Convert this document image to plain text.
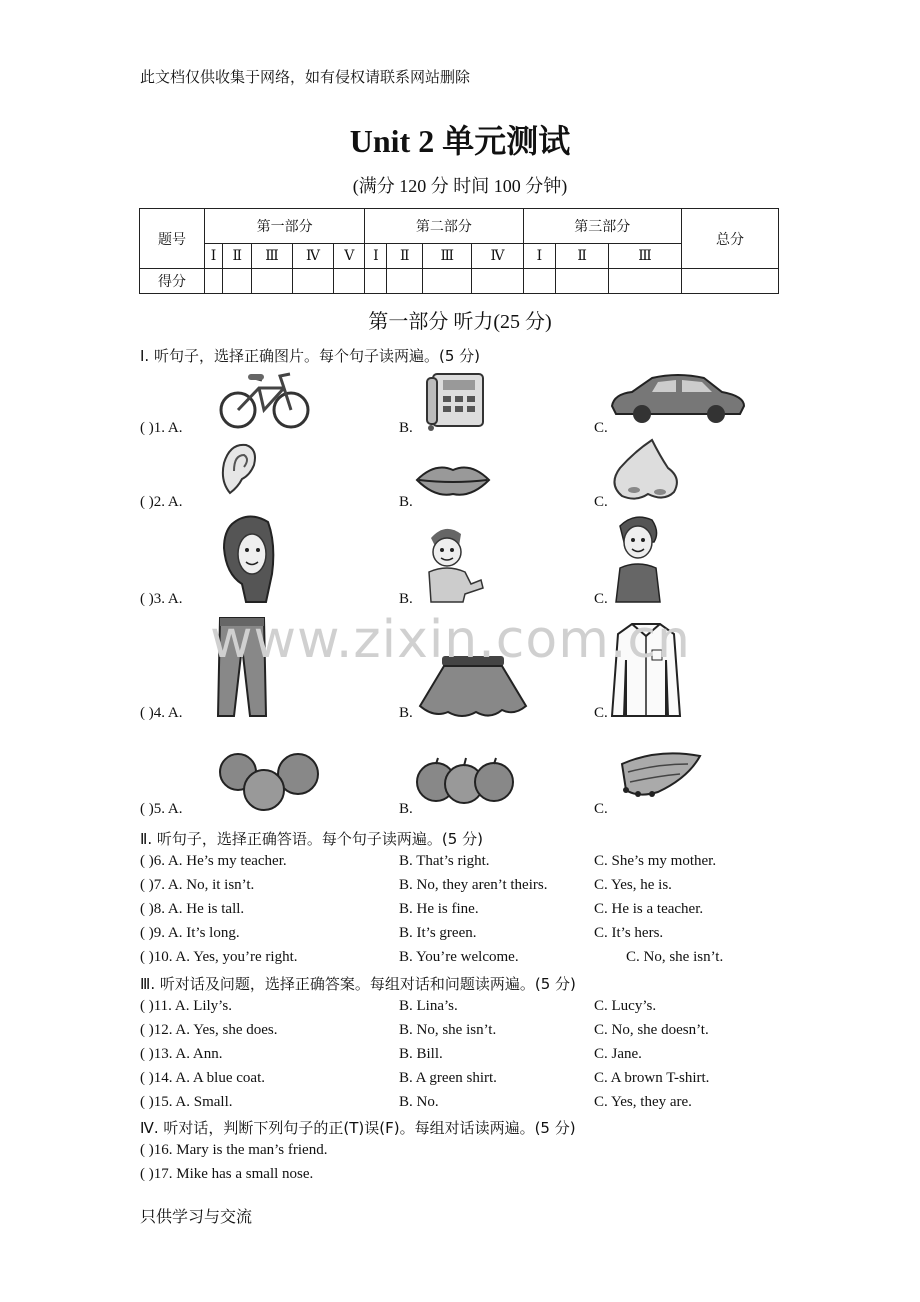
此文档仅供收集于网络，如有侵权请联系网站删除
Unit 2 单元测试
(满分 120 分 时间 100 分钟)
题号	第一部分					第二部分				第三部分			总分
	Ⅰ	Ⅱ	Ⅲ	Ⅳ	Ⅴ	Ⅰ	Ⅱ	Ⅲ	Ⅳ	Ⅰ	Ⅱ	Ⅲ	
得分													
第一部分 听力(25 分)
Ⅰ. 听句子，选择正确图片。每个句子读两遍。(5 分)
( )1. A.	B.	C.
( )2. A.	B.	C.
( )3. A.	B.	C.
( )4. A.	B.	C.
( )5. A.	B.	C.
www.zixin.com.cn
Ⅱ. 听句子，选择正确答语。每个句子读两遍。(5 分)
( )6. A. He’s my teacher.	B. That’s right.	C. She’s my mother.
( )7. A. No, it isn’t.	B. No, they aren’t theirs.	C. Yes, he is.
( )8. A. He is tall.	B. He is fine.	C. He is a teacher.
( )9. A. It’s long.	B. It’s green.	C. It’s hers.
( )10. A. Yes, you’re right.	B. You’re welcome.	C. No, she isn’t.
Ⅲ. 听对话及问题，选择正确答案。每组对话和问题读两遍。(5 分)
( )11. A. Lily’s.	B. Lina’s.	C. Lucy’s.
( )12. A. Yes, she does.	B. No, she isn’t.	C. No, she doesn’t.
( )13. A. Ann.	B. Bill.	C. Jane.
( )14. A. A blue coat.	B. A green shirt.	C. A brown T-shirt.
( )15. A. Small.	B. No.	C. Yes, they are.
Ⅳ. 听对话，判断下列句子的正(T)误(F)。每组对话读两遍。(5 分)
( )16. Mary is the man’s friend.
( )17. Mike has a small nose.
只供学习与交流
